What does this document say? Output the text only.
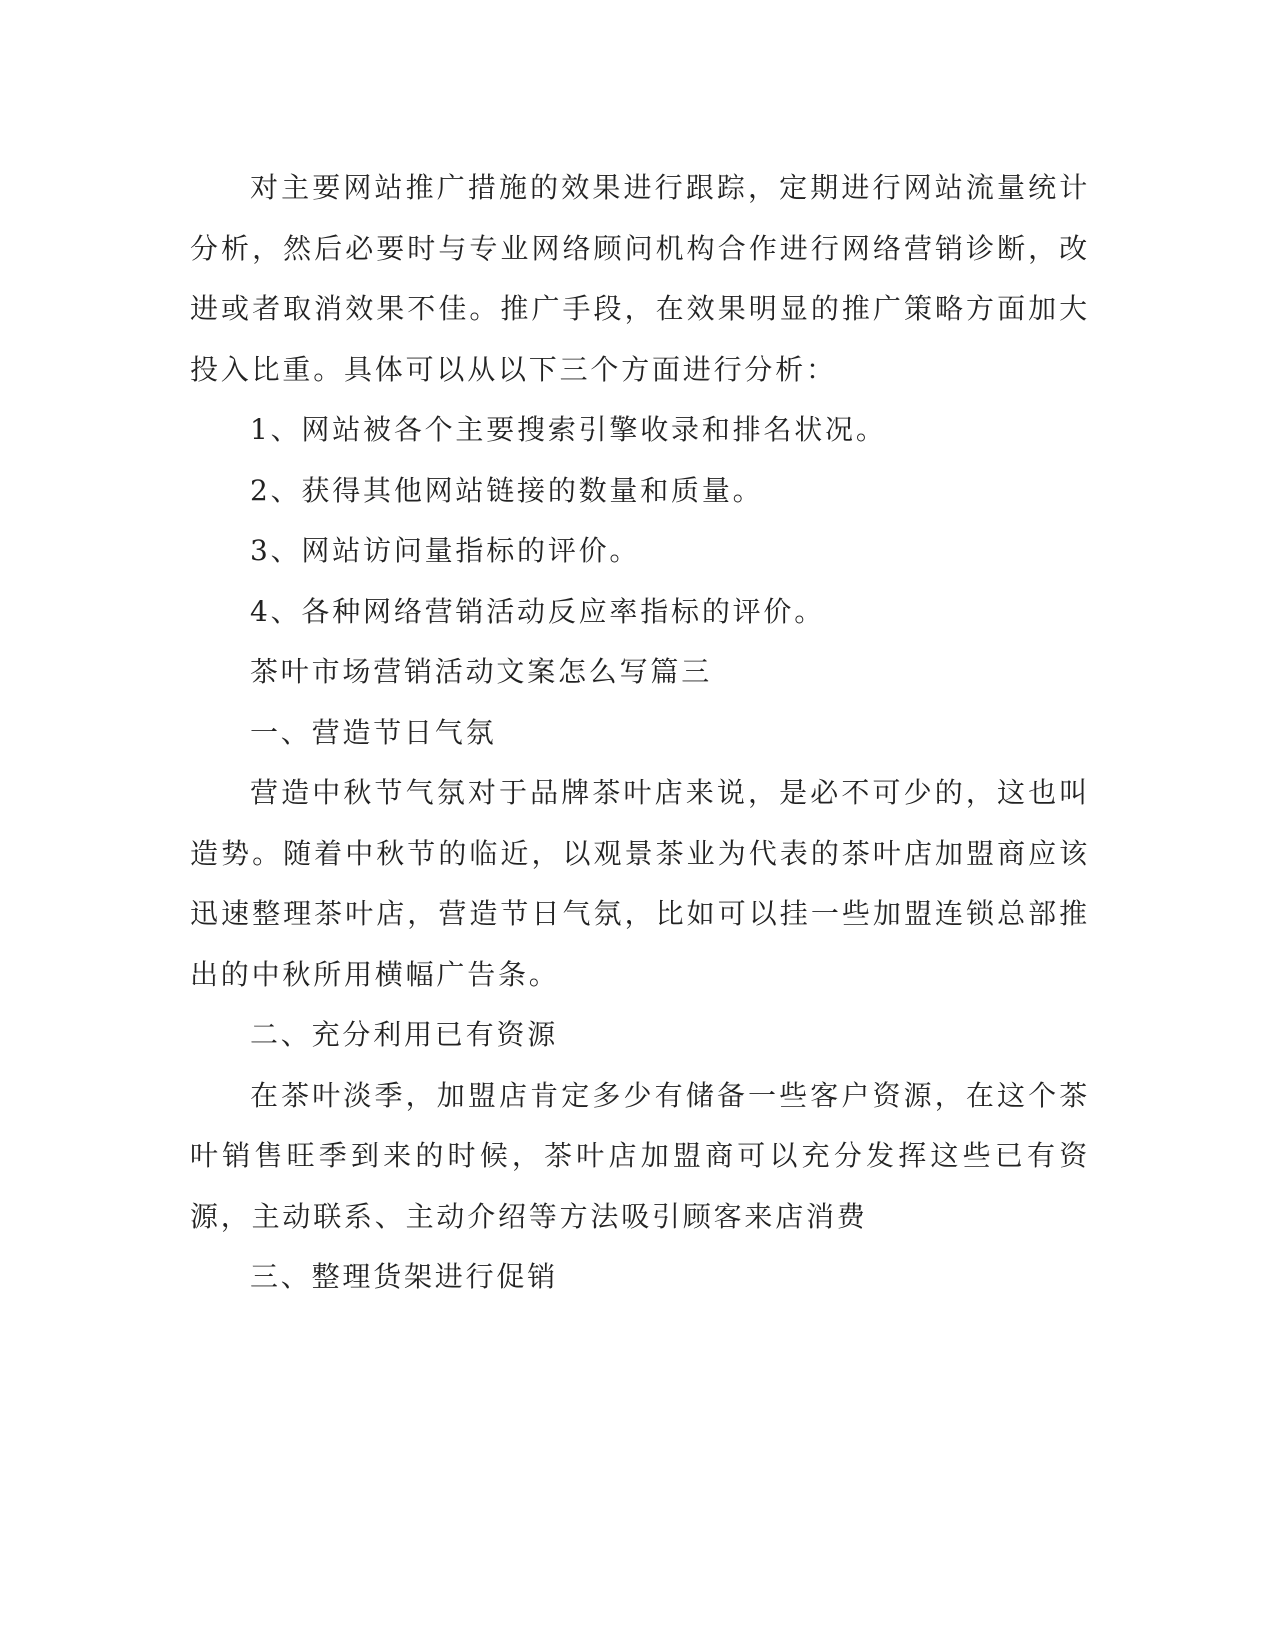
对主要网站推广措施的效果进行跟踪，定期进行网站流量统计分析，然后必要时与专业网络顾问机构合作进行网络营销诊断，改进或者取消效果不佳。推广手段，在效果明显的推广策略方面加大投入比重。具体可以从以下三个方面进行分析：

1、网站被各个主要搜索引擎收录和排名状况。

2、获得其他网站链接的数量和质量。

3、网站访问量指标的评价。

4、各种网络营销活动反应率指标的评价。

茶叶市场营销活动文案怎么写篇三

一、营造节日气氛

营造中秋节气氛对于品牌茶叶店来说，是必不可少的，这也叫造势。随着中秋节的临近，以观景茶业为代表的茶叶店加盟商应该迅速整理茶叶店，营造节日气氛，比如可以挂一些加盟连锁总部推出的中秋所用横幅广告条。

二、充分利用已有资源

在茶叶淡季，加盟店肯定多少有储备一些客户资源，在这个茶叶销售旺季到来的时候，茶叶店加盟商可以充分发挥这些已有资源，主动联系、主动介绍等方法吸引顾客来店消费

三、整理货架进行促销
